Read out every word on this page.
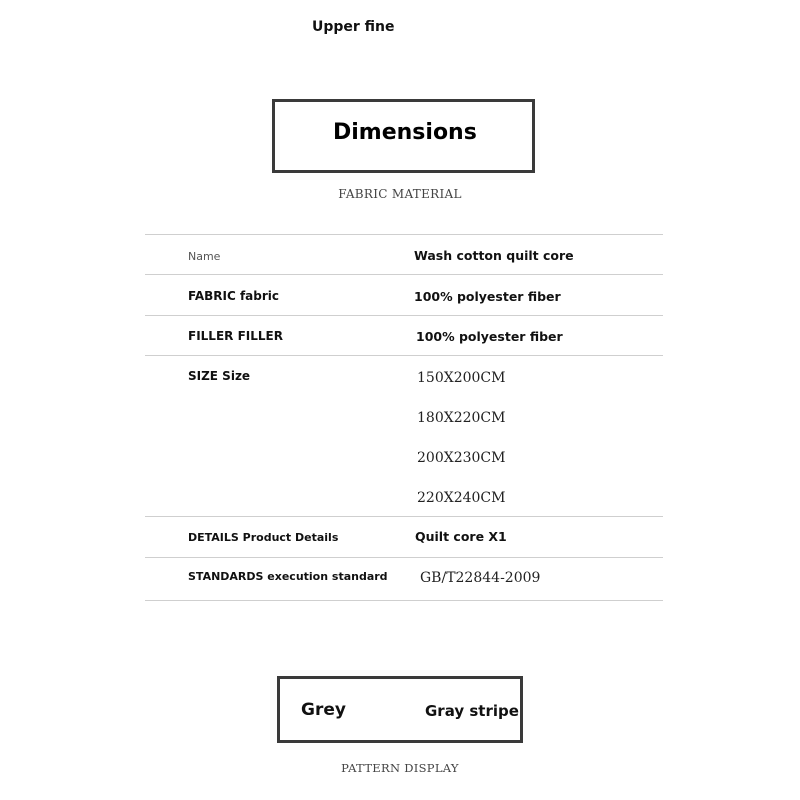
Upper fine
Dimensions
FABRIC MATERIAL
Name	Wash cotton quilt core
FABRIC fabric	100% polyester fiber
FILLER FILLER	100% polyester fiber
SIZE Size	150X200CM
180X220CM
200X230CM
220X240CM
DETAILS Product Details	Quilt core X1
STANDARDS execution standard GB/T22844-2009
Grey	Gray stripe
PATTERN DISPLAY
